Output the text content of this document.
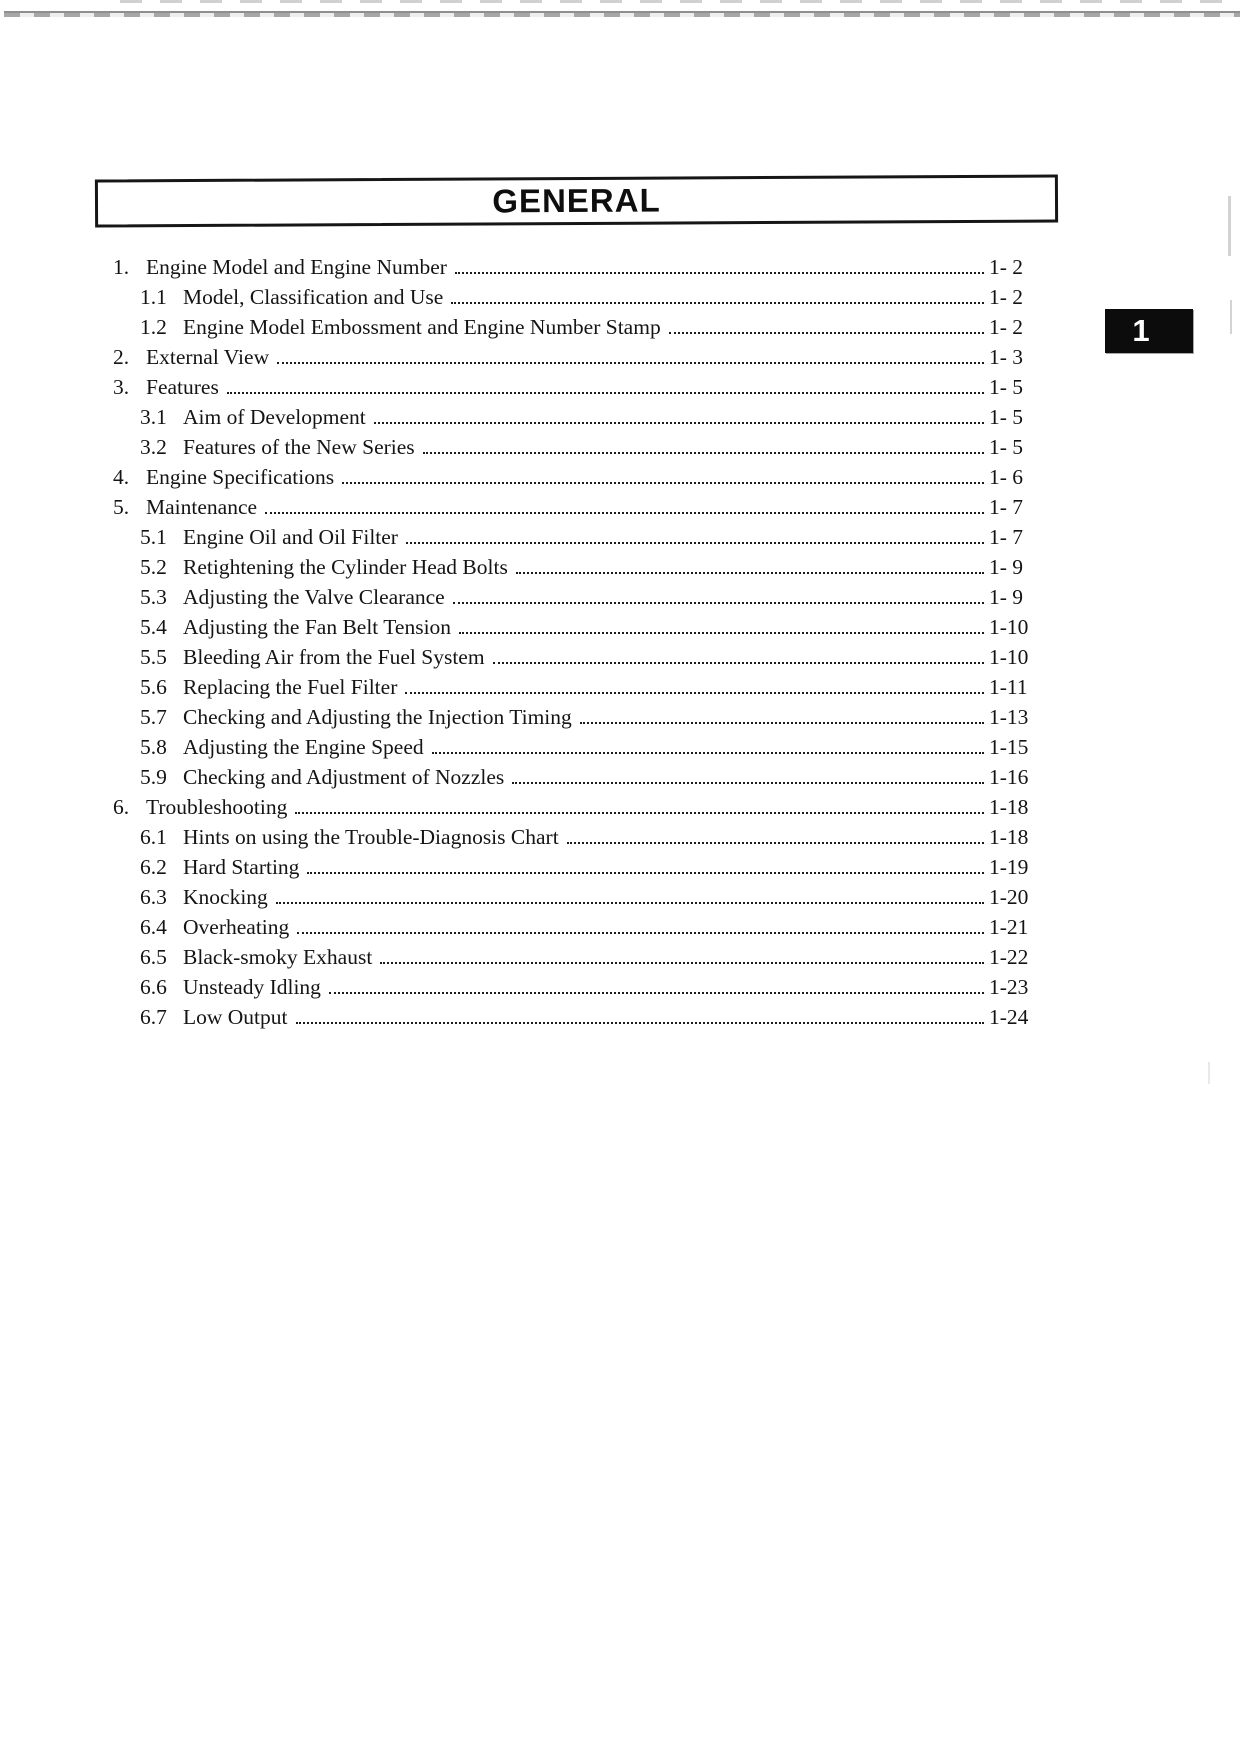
GENERAL
1
1. Engine Model and Engine Number	1- 2
1.1 Model, Classification and Use	1- 2
1.2 Engine Model Embossment and Engine Number Stamp	1- 2
2. External View	1- 3
3. Features	1- 5
3.1 Aim of Development	1- 5
3.2 Features of the New Series	1- 5
4. Engine Specifications	1- 6
5. Maintenance	1- 7
5.1 Engine Oil and Oil Filter	1- 7
5.2 Retightening the Cylinder Head Bolts	1- 9
5.3 Adjusting the Valve Clearance	1- 9
5.4 Adjusting the Fan Belt Tension	1-10
5.5 Bleeding Air from the Fuel System	1-10
5.6 Replacing the Fuel Filter	1-11
5.7 Checking and Adjusting the Injection Timing	1-13
5.8 Adjusting the Engine Speed	1-15
5.9 Checking and Adjustment of Nozzles	1-16
6. Troubleshooting	1-18
6.1 Hints on using the Trouble-Diagnosis Chart	1-18
6.2 Hard Starting	1-19
6.3 Knocking	1-20
6.4 Overheating	1-21
6.5 Black-smoky Exhaust	1-22
6.6 Unsteady Idling	1-23
6.7 Low Output	1-24
